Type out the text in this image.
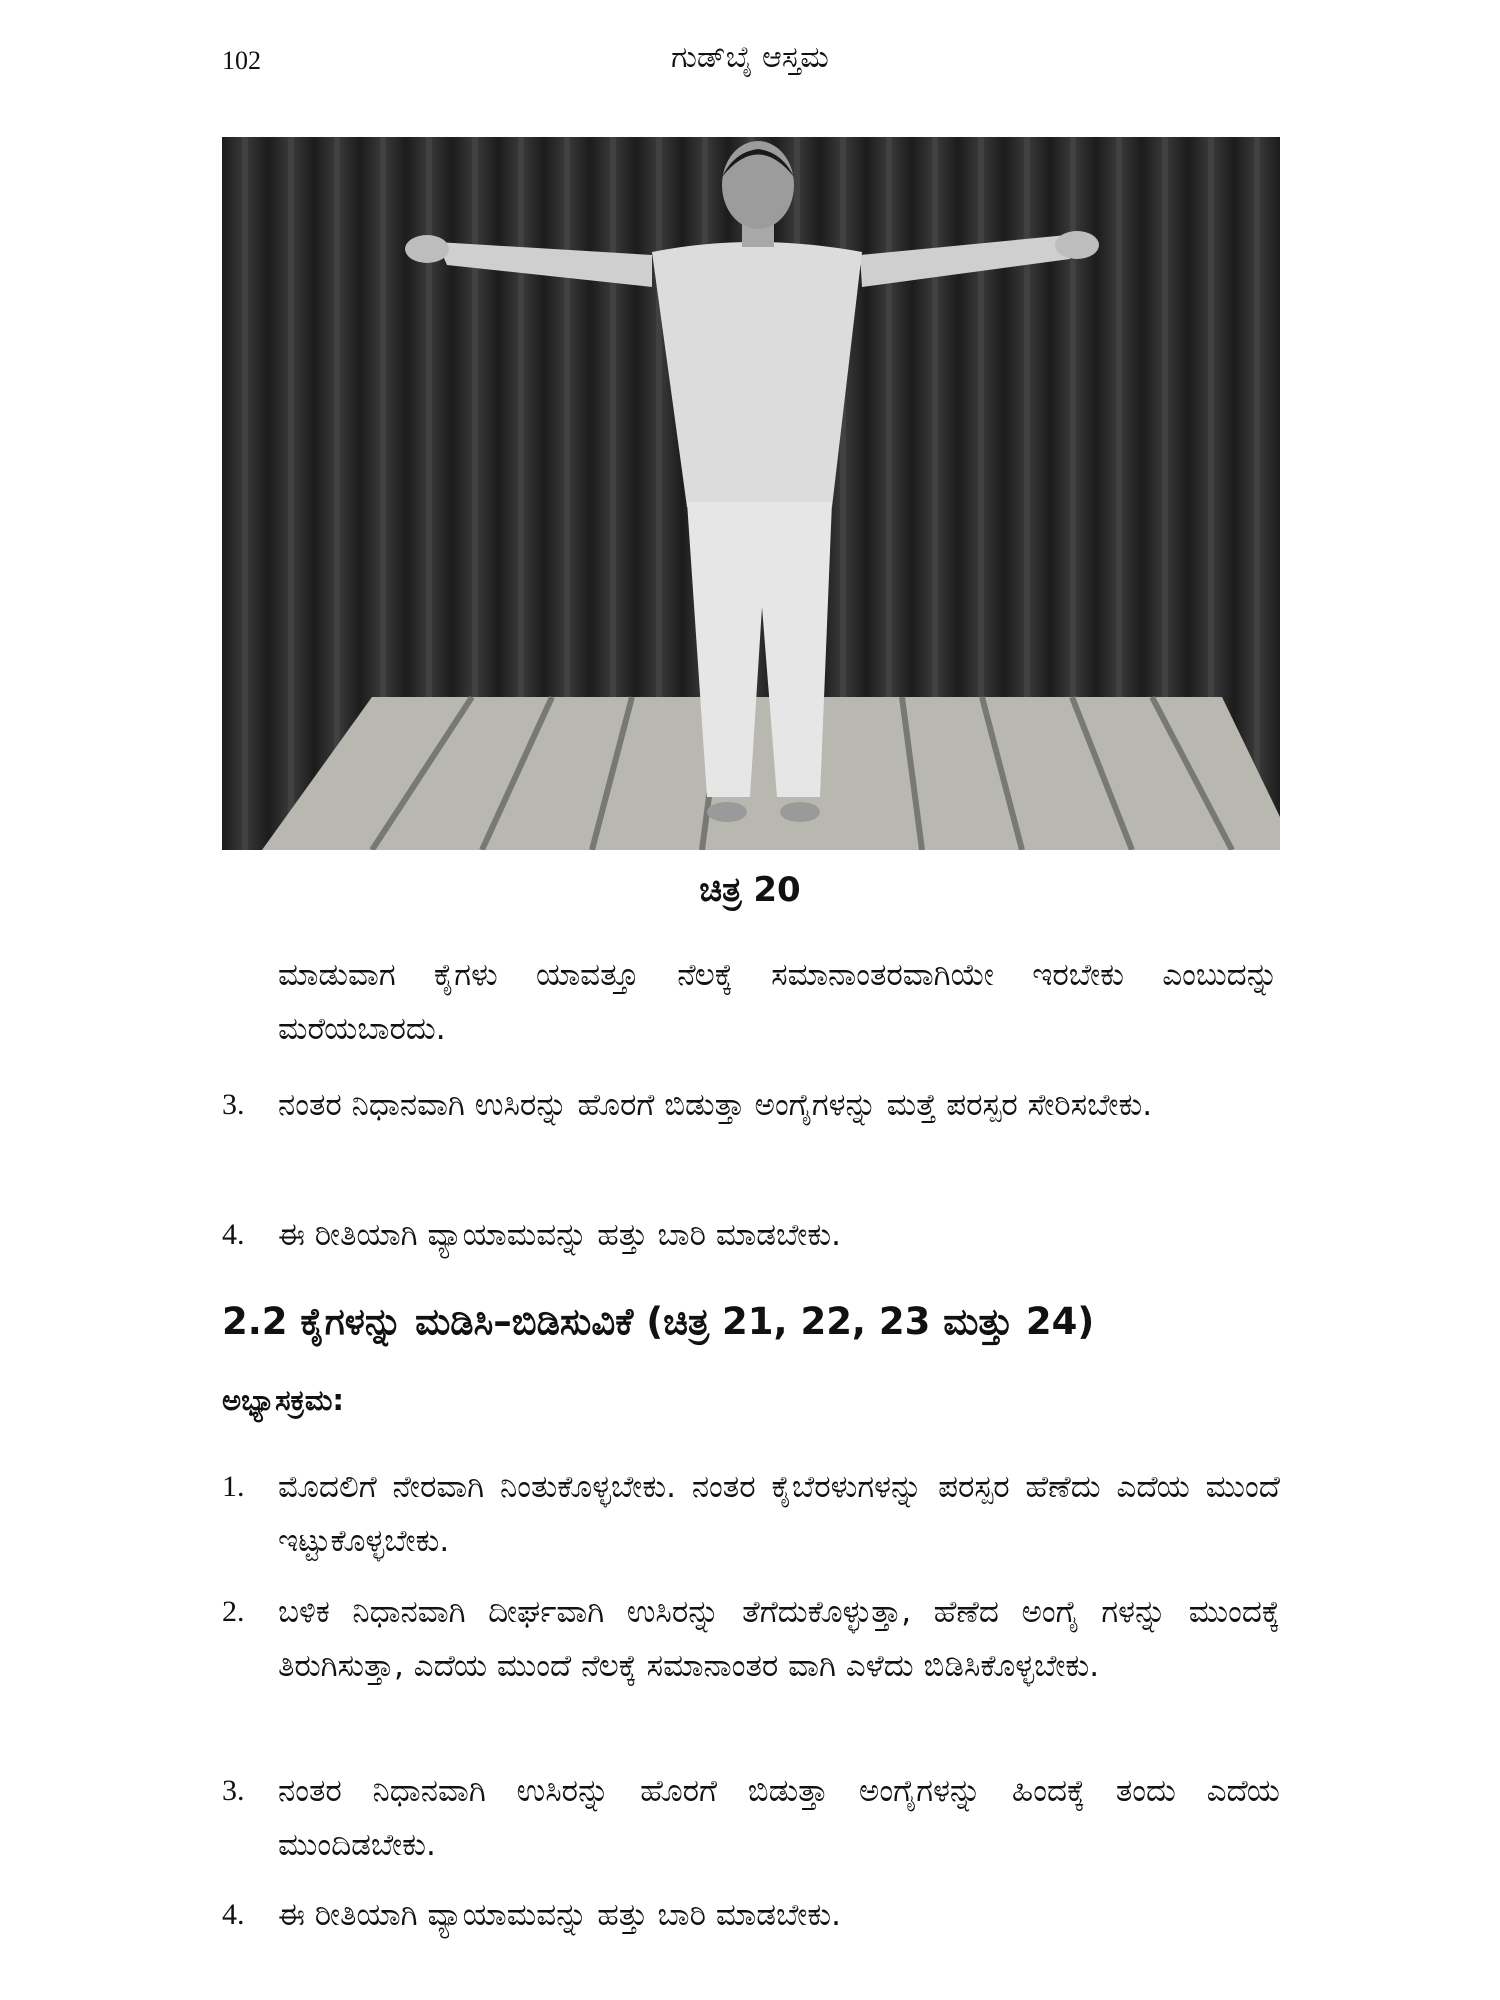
102	ಗುಡ್‌ಬೈ ಆಸ್ತಮ
ಚಿತ್ರ 20

ಮಾಡುವಾಗ ಕೈಗಳು ಯಾವತ್ತೂ ನೆಲಕ್ಕೆ ಸಮಾನಾಂತರವಾಗಿಯೇ ಇರಬೇಕು ಎಂಬುದನ್ನು ಮರೆಯಬಾರದು.

3. ನಂತರ ನಿಧಾನವಾಗಿ ಉಸಿರನ್ನು ಹೊರಗೆ ಬಿಡುತ್ತಾ ಅಂಗೈಗಳನ್ನು ಮತ್ತೆ ಪರಸ್ಪರ ಸೇರಿಸಬೇಕು.
4. ಈ ರೀತಿಯಾಗಿ ವ್ಯಾಯಾಮವನ್ನು ಹತ್ತು ಬಾರಿ ಮಾಡಬೇಕು.
2.2 ಕೈಗಳನ್ನು ಮಡಿಸಿ–ಬಿಡಿಸುವಿಕೆ (ಚಿತ್ರ 21, 22, 23 ಮತ್ತು 24)
ಅಭ್ಯಾಸಕ್ರಮ:
1. ಮೊದಲಿಗೆ ನೇರವಾಗಿ ನಿಂತುಕೊಳ್ಳಬೇಕು. ನಂತರ ಕೈಬೆರಳುಗಳನ್ನು ಪರಸ್ಪರ ಹೆಣೆದು ಎದೆಯ ಮುಂದೆ ಇಟ್ಟುಕೊಳ್ಳಬೇಕು.
2. ಬಳಿಕ ನಿಧಾನವಾಗಿ ದೀರ್ಘವಾಗಿ ಉಸಿರನ್ನು ತೆಗೆದುಕೊಳ್ಳುತ್ತಾ, ಹೆಣೆದ ಅಂಗೈ ಗಳನ್ನು ಮುಂದಕ್ಕೆ ತಿರುಗಿಸುತ್ತಾ, ಎದೆಯ ಮುಂದೆ ನೆಲಕ್ಕೆ ಸಮಾನಾಂತರ ವಾಗಿ ಎಳೆದು ಬಿಡಿಸಿಕೊಳ್ಳಬೇಕು.
3. ನಂತರ ನಿಧಾನವಾಗಿ ಉಸಿರನ್ನು ಹೊರಗೆ ಬಿಡುತ್ತಾ ಅಂಗೈಗಳನ್ನು ಹಿಂದಕ್ಕೆ ತಂದು ಎದೆಯ ಮುಂದಿಡಬೇಕು.
4. ಈ ರೀತಿಯಾಗಿ ವ್ಯಾಯಾಮವನ್ನು ಹತ್ತು ಬಾರಿ ಮಾಡಬೇಕು.
